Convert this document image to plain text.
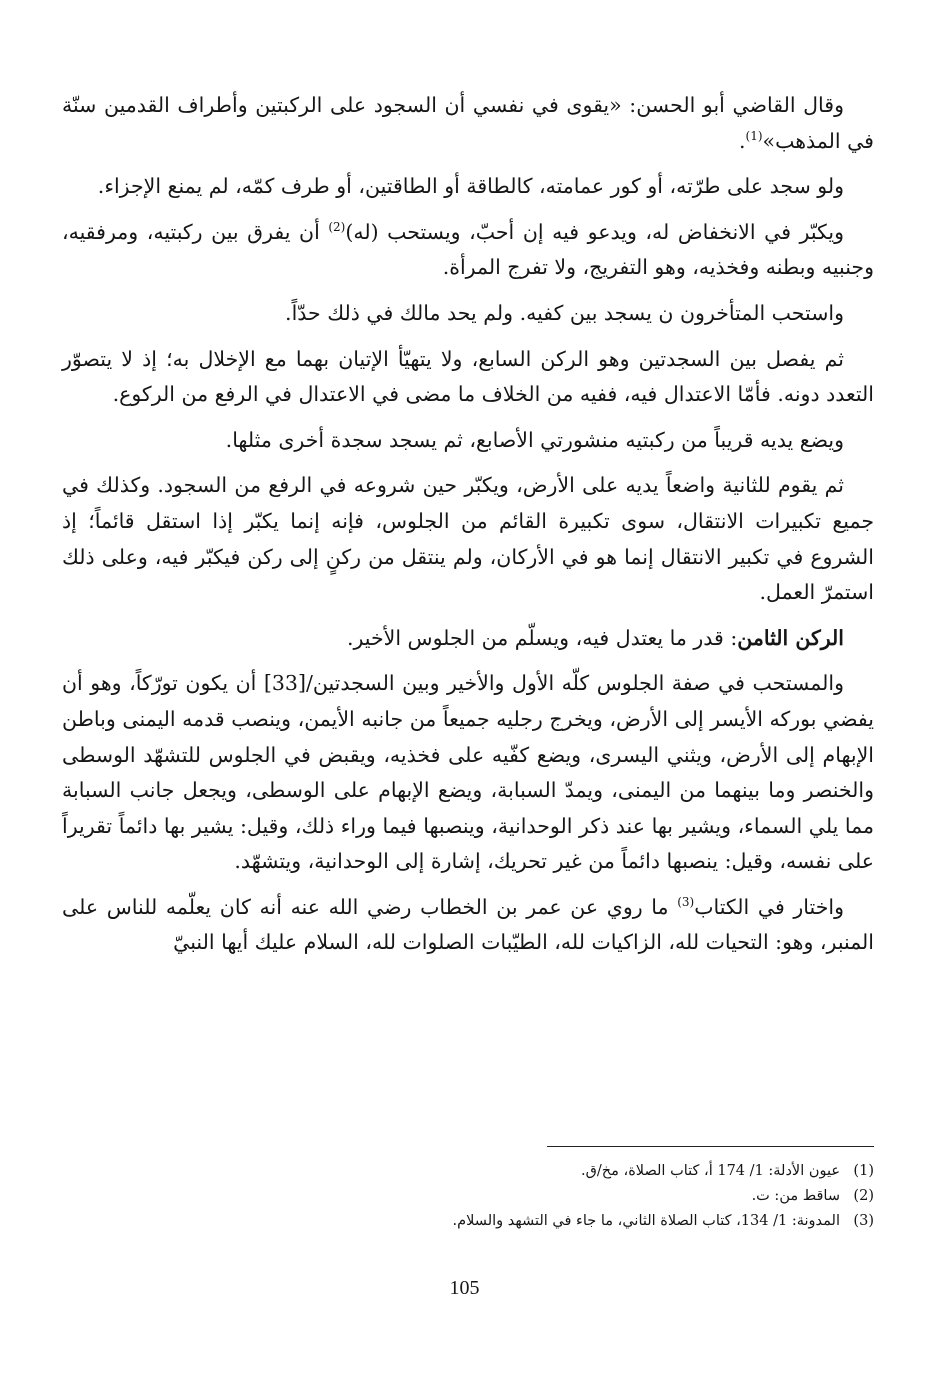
وقال القاضي أبو الحسن: «يقوى في نفسي أن السجود على الركبتين وأطراف القدمين سنّة في المذهب»$^{(1)}$.

ولو سجد على طرّته، أو كور عمامته، كالطاقة أو الطاقتين، أو طرف كمّه، لم يمنع الإجزاء.

ويكبّر في الانخفاض له، ويدعو فيه إن أحبّ، ويستحب (له)$^{(2)}$ أن يفرق بين ركبتيه، ومرفقيه، وجنبيه وبطنه وفخذيه، وهو التفريج، ولا تفرج المرأة.

واستحب المتأخرون ن يسجد بين كفيه. ولم يحد مالك في ذلك حدّاً.

ثم يفصل بين السجدتين وهو الركن السابع، ولا يتهيّأ الإتيان بهما مع الإخلال به؛ إذ لا يتصوّر التعدد دونه. فأمّا الاعتدال فيه، ففيه من الخلاف ما مضى في الاعتدال في الرفع من الركوع.

ويضع يديه قريباً من ركبتيه منشورتي الأصابع، ثم يسجد سجدة أخرى مثلها.

ثم يقوم للثانية واضعاً يديه على الأرض، ويكبّر حين شروعه في الرفع من السجود. وكذلك في جميع تكبيرات الانتقال، سوى تكبيرة القائم من الجلوس، فإنه إنما يكبّر إذا استقل قائماً؛ إذ الشروع في تكبير الانتقال إنما هو في الأركان، ولم ينتقل من ركنٍ إلى ركن فيكبّر فيه، وعلى ذلك استمرّ العمل.

الركن الثامن: قدر ما يعتدل فيه، ويسلّم من الجلوس الأخير.

والمستحب في صفة الجلوس كلّه الأول والأخير وبين السجدتين/[33] أن يكون تورّكاً، وهو أن يفضي بوركه الأيسر إلى الأرض، ويخرج رجليه جميعاً من جانبه الأيمن، وينصب قدمه اليمنى وباطن الإبهام إلى الأرض، ويثني اليسرى، ويضع كفّيه على فخذيه، ويقبض في الجلوس للتشهّد الوسطى والخنصر وما بينهما من اليمنى، ويمدّ السبابة، ويضع الإبهام على الوسطى، ويجعل جانب السبابة مما يلي السماء، ويشير بها عند ذكر الوحدانية، وينصبها فيما وراء ذلك، وقيل: يشير بها دائماً تقريراً على نفسه، وقيل: ينصبها دائماً من غير تحريك، إشارة إلى الوحدانية، ويتشهّد.

واختار في الكتاب$^{(3)}$ ما روي عن عمر بن الخطاب رضي الله عنه أنه كان يعلّمه للناس على المنبر، وهو: التحيات لله، الزاكيات لله، الطيّبات الصلوات لله، السلام عليك أيها النبيّ

(1)عيون الأدلة: 1/ 174 أ، كتاب الصلاة، مخ/ق.

(2)ساقط من: ت.

(3)المدونة: 1/ 134، كتاب الصلاة الثاني، ما جاء في التشهد والسلام.

105
